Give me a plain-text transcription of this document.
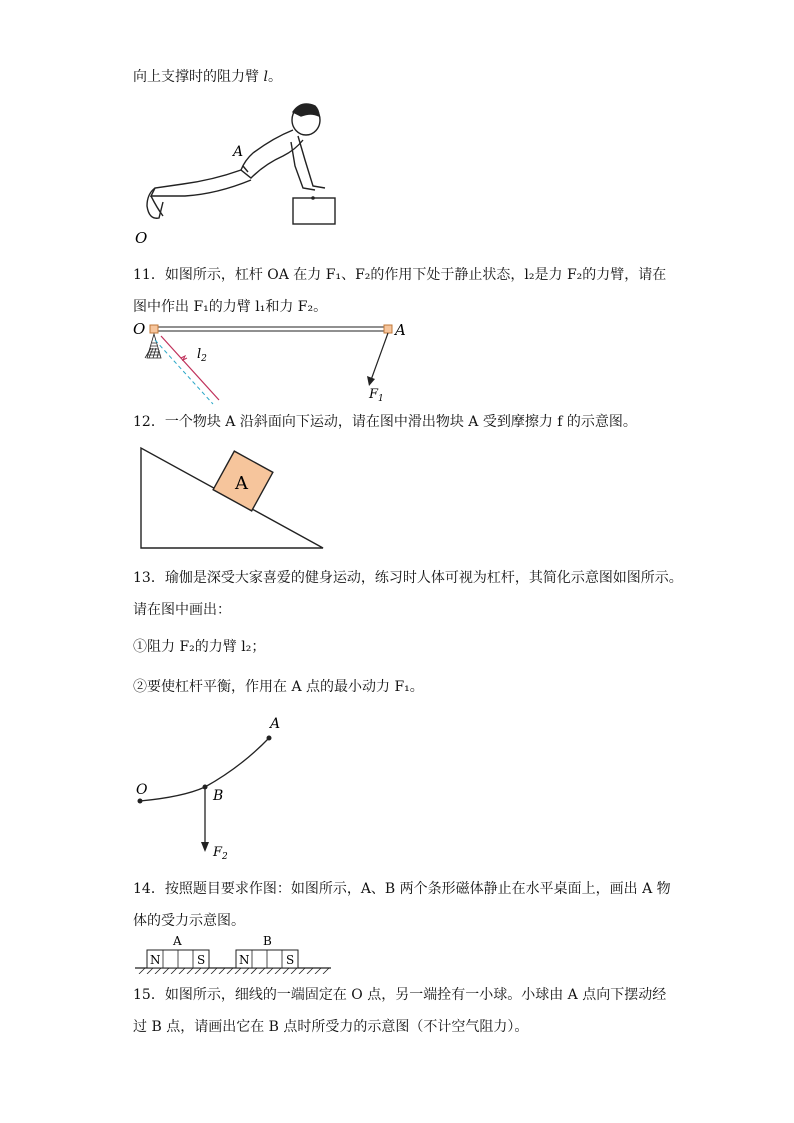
向上支撑时的阻力臂 l。
A
O
11．如图所示，杠杆 OA 在力 F₁、F₂的作用下处于静止状态，l₂是力 F₂的力臂，请在
图中作出 F₁的力臂 l₁和力 F₂。
$l_2$
O	A
$F_1$
12．一个物块 A 沿斜面向下运动，请在图中滑出物块 A 受到摩擦力 f 的示意图。
A
13．瑜伽是深受大家喜爱的健身运动，练习时人体可视为杠杆，其简化示意图如图所示。
请在图中画出：
①阻力 F₂的力臂 l₂；
②要使杠杆平衡，作用在 A 点的最小动力 F₁。
A
O	B
$F_2$
14．按照题目要求作图：如图所示，A、B 两个条形磁体静止在水平桌面上，画出 A 物
体的受力示意图。
A	B
N	S	N	S
15．如图所示，细线的一端固定在 O 点，另一端拴有一小球。小球由 A 点向下摆动经
过 B 点，请画出它在 B 点时所受力的示意图（不计空气阻力）。
